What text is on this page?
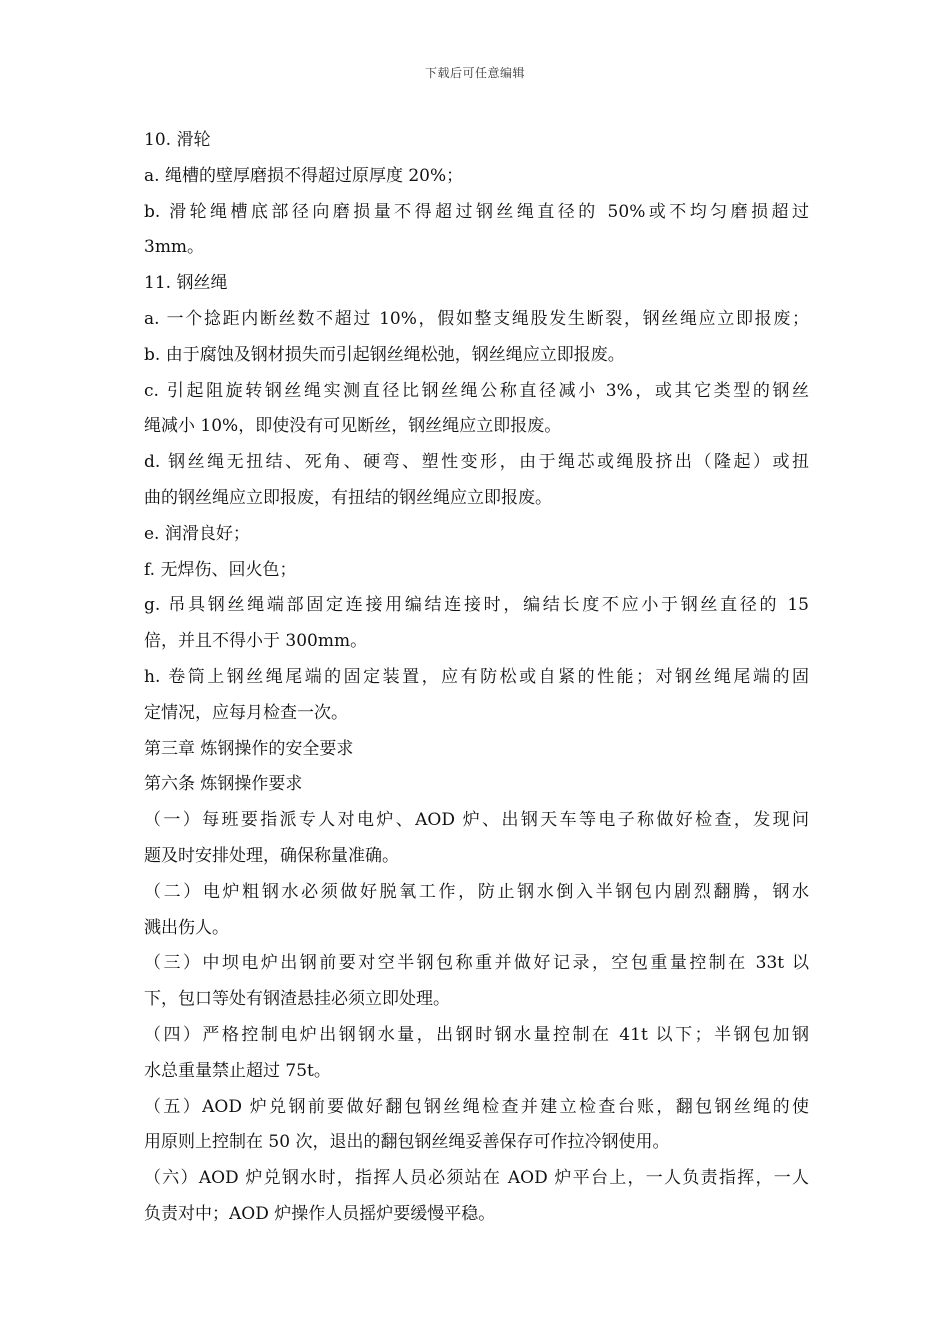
下载后可任意编辑
10. 滑轮
a. 绳槽的壁厚磨损不得超过原厚度 20%；
b. 滑轮绳槽底部径向磨损量不得超过钢丝绳直径的 50%或不均匀磨损超过
3mm。
11. 钢丝绳
a. 一个捻距内断丝数不超过 10%，假如整支绳股发生断裂，钢丝绳应立即报废；
b. 由于腐蚀及钢材损失而引起钢丝绳松弛，钢丝绳应立即报废。
c. 引起阻旋转钢丝绳实测直径比钢丝绳公称直径减小 3%，或其它类型的钢丝
绳减小 10%，即使没有可见断丝，钢丝绳应立即报废。
d. 钢丝绳无扭结、死角、硬弯、塑性变形，由于绳芯或绳股挤出（隆起）或扭
曲的钢丝绳应立即报废，有扭结的钢丝绳应立即报废。
e. 润滑良好；
f. 无焊伤、回火色；
g. 吊具钢丝绳端部固定连接用编结连接时，编结长度不应小于钢丝直径的 15
倍，并且不得小于 300mm。
h. 卷筒上钢丝绳尾端的固定装置，应有防松或自紧的性能；对钢丝绳尾端的固
定情况，应每月检查一次。
第三章 炼钢操作的安全要求
第六条 炼钢操作要求
（一）每班要指派专人对电炉、AOD 炉、出钢天车等电子称做好检查，发现问
题及时安排处理，确保称量准确。
（二）电炉粗钢水必须做好脱氧工作，防止钢水倒入半钢包内剧烈翻腾，钢水
溅出伤人。
（三）中坝电炉出钢前要对空半钢包称重并做好记录，空包重量控制在 33t 以
下，包口等处有钢渣悬挂必须立即处理。
（四）严格控制电炉出钢钢水量，出钢时钢水量控制在 41t 以下；半钢包加钢
水总重量禁止超过 75t。
（五）AOD 炉兑钢前要做好翻包钢丝绳检查并建立检查台账，翻包钢丝绳的使
用原则上控制在 50 次，退出的翻包钢丝绳妥善保存可作拉冷钢使用。
（六）AOD 炉兑钢水时，指挥人员必须站在 AOD 炉平台上，一人负责指挥，一人
负责对中；AOD 炉操作人员摇炉要缓慢平稳。
